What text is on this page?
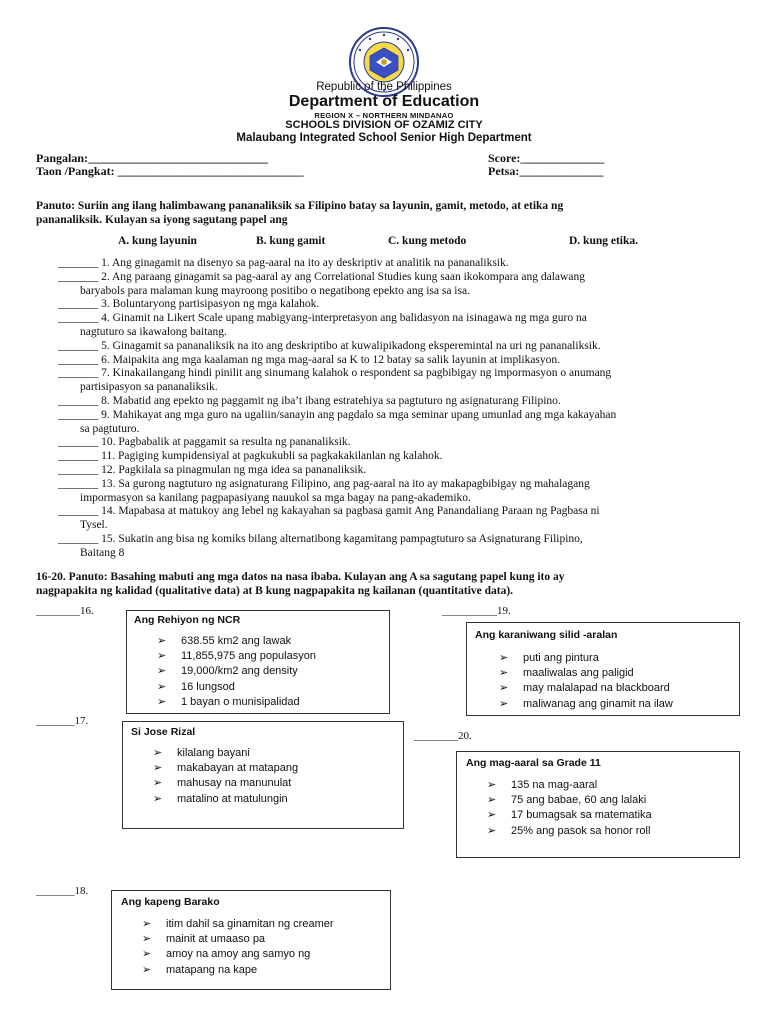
Republic of the Philippines
Department of Education
REGION X – NORTHERN MINDANAO
SCHOOLS DIVISION OF OZAMIZ CITY
Malaubang Integrated School Senior High Department
Pangalan:______________________________
Taon /Pangkat: _______________________________
Score:______________
Petsa:______________
Panuto: Suriin ang ilang halimbawang pananaliksik sa Filipino batay sa layunin, gamit, metodo, at etika ng
pananaliksik. Kulayan sa iyong sagutang papel ang
A. kung layunin	B. kung gamit	C. kung metodo	D. kung etika.
_______ 1. Ang ginagamit na disenyo sa pag-aaral na ito ay deskriptiv at analitik na pananaliksik.
_______ 2. Ang paraang ginagamit sa pag-aaral ay ang Correlational Studies kung saan ikokompara ang dalawang
baryabols para malaman kung mayroong positibo o negatibong epekto ang isa sa isa.
_______ 3. Boluntaryong partisipasyon ng mga kalahok.
_______ 4. Ginamit na Likert Scale upang mabigyang-interpretasyon ang balidasyon na isinagawa ng mga guro na
nagtuturo sa ikawalong baitang.
_______ 5. Ginagamit sa pananaliksik na ito ang deskriptibo at kuwalipikadong eksperemintal na uri ng pananaliksik.
_______ 6. Maipakita ang mga kaalaman ng mga mag-aaral sa K to 12 batay sa salik layunin at implikasyon.
_______ 7. Kinakailangang hindi pinilit ang sinumang kalahok o respondent sa pagbibigay ng impormasyon o anumang
partisipasyon sa pananaliksik.
_______ 8. Mabatid ang epekto ng paggamit ng iba’t ibang estratehiya sa pagtuturo ng asignaturang Filipino.
_______ 9. Mahikayat ang mga guro na ugaliin/sanayin ang pagdalo sa mga seminar upang umunlad ang mga kakayahan
sa pagtuturo.
_______ 10. Pagbabalik at paggamit sa resulta ng pananaliksik.
_______ 11. Pagiging kumpidensiyal at pagkukubli sa pagkakakilanlan ng kalahok.
_______ 12. Pagkilala sa pinagmulan ng mga idea sa pananaliksik.
_______ 13. Sa gurong nagtuturo ng asignaturang Filipino, ang pag-aaral na ito ay makapagbibigay ng mahalagang
impormasyon sa kanilang pagpapasiyang nauukol sa mga bagay na pang-akademiko.
_______ 14. Mapabasa at matukoy ang lebel ng kakayahan sa pagbasa gamit Ang Panandaliang Paraan ng Pagbasa ni
Tysel.
_______ 15. Sukatin ang bisa ng komiks bilang alternatibong kagamitang pampagtuturo sa Asignaturang Filipino,
Baitang 8
16-20. Panuto: Basahing mabuti ang mga datos na nasa ibaba. Kulayan ang A sa sagutang papel kung ito ay
nagpapakita ng kalidad (qualitative data) at B kung nagpapakita ng kailanan (quantitative data).
________16.
_______17.
_______18.
__________19.
________20.
Ang Rehiyon ng NCR
➢ 638.55 km2 ang lawak
➢ 11,855,975 ang populasyon
➢ 19,000/km2 ang density
➢ 16 lungsod
➢ 1 bayan o munisipalidad
Si Jose Rizal
➢ kilalang bayani
➢ makabayan at matapang
➢ mahusay na manunulat
➢ matalino at matulungin
Ang kapeng Barako
➢ itim dahil sa ginamitan ng creamer
➢ mainit at umaaso pa
➢ amoy na amoy ang samyo ng
➢ matapang na kape
Ang karaniwang silid -aralan
➢ puti ang pintura
➢ maaliwalas ang paligid
➢ may malalapad na blackboard
➢ maliwanag ang ginamit na ilaw
Ang mag-aaral sa Grade 11
➢ 135 na mag-aaral
➢ 75 ang babae, 60 ang lalaki
➢ 17 bumagsak sa matematika
➢ 25% ang pasok sa honor roll
